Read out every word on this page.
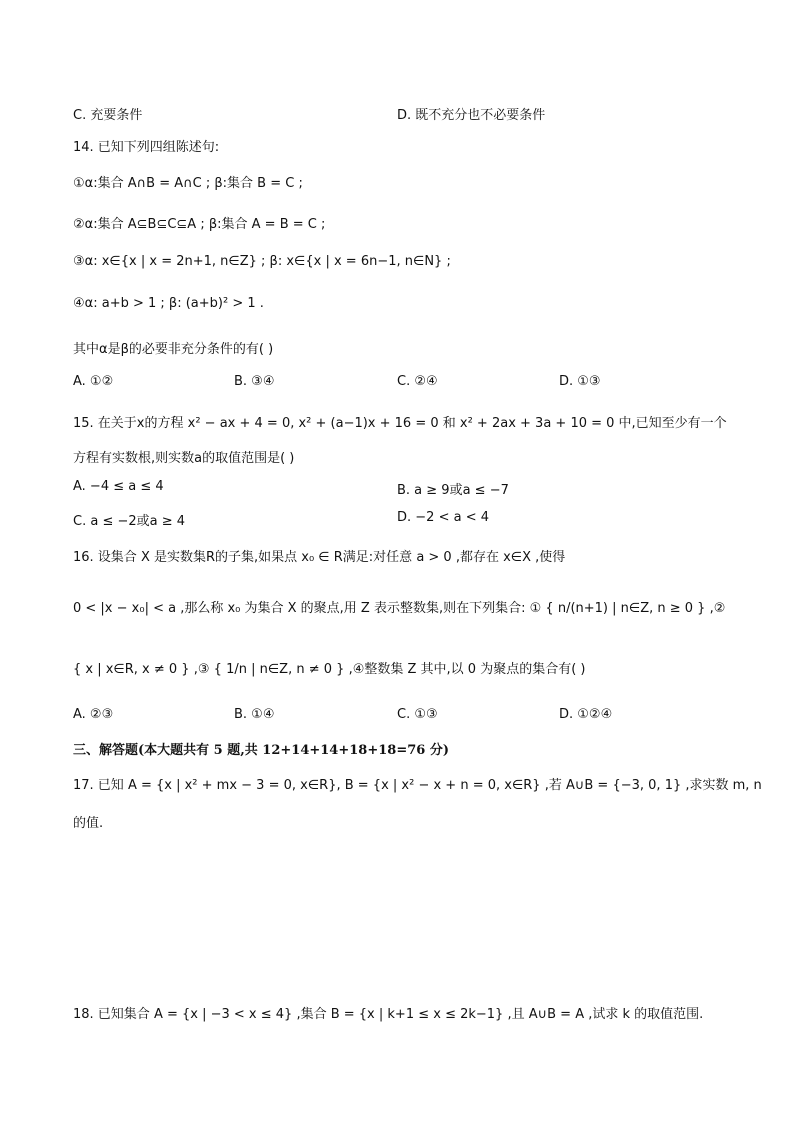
C. 充要条件	D. 既不充分也不必要条件
14. 已知下列四组陈述句:
①α:集合 A∩B = A∩C ; β:集合 B = C ;
②α:集合 A⊆B⊆C⊆A ; β:集合 A = B = C ;
③α: x∈{x | x = 2n+1, n∈Z} ; β: x∈{x | x = 6n−1, n∈N} ;
④α: a+b > 1 ; β: (a+b)² > 1 .
其中α是β的必要非充分条件的有( )
A. ①②	B. ③④	C. ②④	D. ①③
15. 在关于x的方程 x² − ax + 4 = 0, x² + (a−1)x + 16 = 0 和 x² + 2ax + 3a + 10 = 0 中,已知至少有一个
方程有实数根,则实数a的取值范围是( )
A. −4 ≤ a ≤ 4	B. a ≥ 9或a ≤ −7
C. a ≤ −2或a ≥ 4	D. −2 < a < 4
16. 设集合 X 是实数集R的子集,如果点 x₀ ∈ R满足:对任意 a > 0 ,都存在 x∈X ,使得
0 < |x − x₀| < a ,那么称 x₀ 为集合 X 的聚点,用 Z 表示整数集,则在下列集合: ① { n/(n+1) | n∈Z, n ≥ 0 } ,②
{ x | x∈R, x ≠ 0 } ,③ { 1/n | n∈Z, n ≠ 0 } ,④整数集 Z 其中,以 0 为聚点的集合有( )
A. ②③	B. ①④	C. ①③	D. ①②④
三、解答题(本大题共有 5 题,共 12+14+14+18+18=76 分)
17. 已知 A = {x | x² + mx − 3 = 0, x∈R}, B = {x | x² − x + n = 0, x∈R} ,若 A∪B = {−3, 0, 1} ,求实数 m, n
的值.
18. 已知集合 A = {x | −3 < x ≤ 4} ,集合 B = {x | k+1 ≤ x ≤ 2k−1} ,且 A∪B = A ,试求 k 的取值范围.
